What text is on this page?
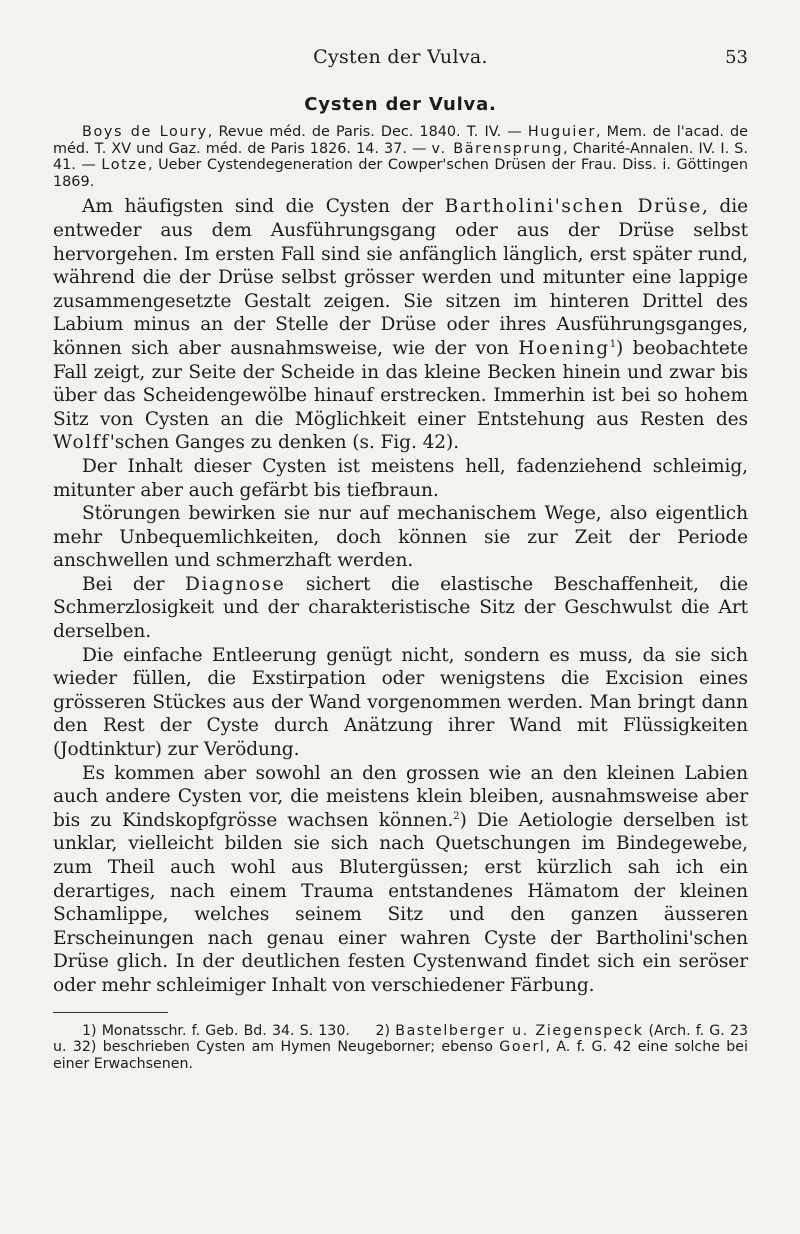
Cysten der Vulva.	53
Cysten der Vulva.

Boys de Loury, Revue méd. de Paris. Dec. 1840. T. IV. — Huguier, Mem. de l'acad. de méd. T. XV und Gaz. méd. de Paris 1826. 14. 37. — v. Bärensprung, Charité-Annalen. IV. I. S. 41. — Lotze, Ueber Cystendegeneration der Cowper'schen Drüsen der Frau. Diss. i. Göttingen 1869.

Am häufigsten sind die Cysten der Bartholini'schen Drüse, die entweder aus dem Ausführungsgang oder aus der Drüse selbst hervorgehen. Im ersten Fall sind sie anfänglich länglich, erst später rund, während die der Drüse selbst grösser werden und mitunter eine lappige zusammengesetzte Gestalt zeigen. Sie sitzen im hinteren Drittel des Labium minus an der Stelle der Drüse oder ihres Ausführungsganges, können sich aber ausnahmsweise, wie der von Hoening$^1$) beobachtete Fall zeigt, zur Seite der Scheide in das kleine Becken hinein und zwar bis über das Scheidengewölbe hinauf erstrecken. Immerhin ist bei so hohem Sitz von Cysten an die Möglichkeit einer Entstehung aus Resten des Wolff'schen Ganges zu denken (s. Fig. 42).

Der Inhalt dieser Cysten ist meistens hell, fadenziehend schleimig, mitunter aber auch gefärbt bis tiefbraun.

Störungen bewirken sie nur auf mechanischem Wege, also eigentlich mehr Unbequemlichkeiten, doch können sie zur Zeit der Periode anschwellen und schmerzhaft werden.

Bei der Diagnose sichert die elastische Beschaffenheit, die Schmerzlosigkeit und der charakteristische Sitz der Geschwulst die Art derselben.

Die einfache Entleerung genügt nicht, sondern es muss, da sie sich wieder füllen, die Exstirpation oder wenigstens die Excision eines grösseren Stückes aus der Wand vorgenommen werden. Man bringt dann den Rest der Cyste durch Anätzung ihrer Wand mit Flüssigkeiten (Jodtinktur) zur Verödung.

Es kommen aber sowohl an den grossen wie an den kleinen Labien auch andere Cysten vor, die meistens klein bleiben, ausnahmsweise aber bis zu Kindskopfgrösse wachsen können.$^2$) Die Aetiologie derselben ist unklar, vielleicht bilden sie sich nach Quetschungen im Bindegewebe, zum Theil auch wohl aus Blutergüssen; erst kürzlich sah ich ein derartiges, nach einem Trauma entstandenes Hämatom der kleinen Schamlippe, welches seinem Sitz und den ganzen äusseren Erscheinungen nach genau einer wahren Cyste der Bartholini'schen Drüse glich. In der deutlichen festen Cystenwand findet sich ein seröser oder mehr schleimiger Inhalt von verschiedener Färbung.

1) Monatsschr. f. Geb. Bd. 34. S. 130. 2) Bastelberger u. Ziegenspeck (Arch. f. G. 23 u. 32) beschrieben Cysten am Hymen Neugeborner; ebenso Goerl, A. f. G. 42 eine solche bei einer Erwachsenen.
